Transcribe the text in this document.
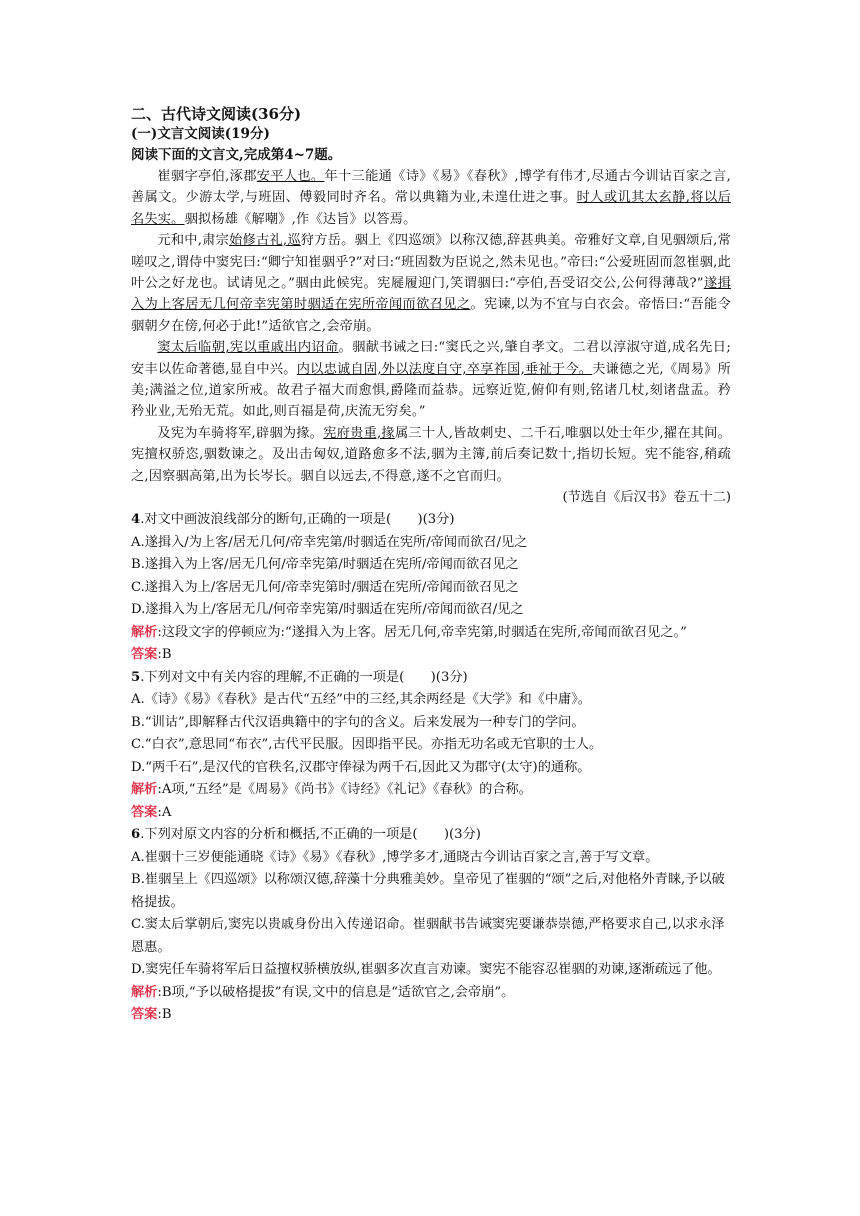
二、古代诗文阅读(36分)
(一)文言文阅读(19分)
阅读下面的文言文,完成第4~7题。
崔骃字亭伯,涿郡安平人也。年十三能通《诗》《易》《春秋》,博学有伟才,尽通古今训诂百家之言,善属文。少游太学,与班固、傅毅同时齐名。常以典籍为业,未遑仕进之事。时人或讥其太玄静,将以后名失实。骃拟杨雄《解嘲》,作《达旨》以答焉。
元和中,肃宗始修古礼,巡狩方岳。骃上《四巡颂》以称汉德,辞甚典美。帝雅好文章,自见骃颂后,常嗟叹之,谓侍中窦宪曰:“卿宁知崔骃乎?”对曰:“班固数为臣说之,然未见也。”帝曰:“公爱班固而忽崔骃,此叶公之好龙也。试请见之。”骃由此候宪。宪屣履迎门,笑谓骃曰:“亭伯,吾受诏交公,公何得薄哉?”遂揖入为上客居无几何帝幸宪第时骃适在宪所帝闻而欲召见之。宪谏,以为不宜与白衣会。帝悟曰:“吾能令骃朝夕在傍,何必于此!”适欲官之,会帝崩。
窦太后临朝,宪以重戚出内诏命。骃献书诫之曰:“窦氏之兴,肇自孝文。二君以淳淑守道,成名先日;安丰以佐命著德,显自中兴。内以忠诚自固,外以法度自守,卒享祚国,垂祉于今。夫谦德之光,《周易》所美;满溢之位,道家所戒。故君子福大而愈惧,爵隆而益恭。远察近览,俯仰有则,铭诸几杖,刻诸盘盂。矜矜业业,无殆无荒。如此,则百福是荷,庆流无穷矣。”
及宪为车骑将军,辟骃为掾。宪府贵重,掾属三十人,皆故刺史、二千石,唯骃以处士年少,擢在其间。宪擅权骄恣,骃数谏之。及出击匈奴,道路愈多不法,骃为主簿,前后奏记数十,指切长短。宪不能容,稍疏之,因察骃高第,出为长岑长。骃自以远去,不得意,遂不之官而归。
(节选自《后汉书》卷五十二)
4.对文中画波浪线部分的断句,正确的一项是(　　)(3分)
A.遂揖入/为上客/居无几何/帝幸宪第/时骃适在宪所/帝闻而欲召/见之
B.遂揖入为上客/居无几何/帝幸宪第/时骃适在宪所/帝闻而欲召见之
C.遂揖入为上/客居无几何/帝幸宪第时/骃适在宪所/帝闻而欲召见之
D.遂揖入为上/客居无几/何帝幸宪第/时骃适在宪所/帝闻而欲召/见之
解析:这段文字的停顿应为:“遂揖入为上客。居无几何,帝幸宪第,时骃适在宪所,帝闻而欲召见之。”
答案:B
5.下列对文中有关内容的理解,不正确的一项是(　　)(3分)
A.《诗》《易》《春秋》是古代“五经”中的三经,其余两经是《大学》和《中庸》。
B.“训诂”,即解释古代汉语典籍中的字句的含义。后来发展为一种专门的学问。
C.“白衣”,意思同“布衣”,古代平民服。因即指平民。亦指无功名或无官职的士人。
D.“两千石”,是汉代的官秩名,汉郡守俸禄为两千石,因此又为郡守(太守)的通称。
解析:A项,“五经”是《周易》《尚书》《诗经》《礼记》《春秋》的合称。
答案:A
6.下列对原文内容的分析和概括,不正确的一项是(　　)(3分)
A.崔骃十三岁便能通晓《诗》《易》《春秋》,博学多才,通晓古今训诂百家之言,善于写文章。
B.崔骃呈上《四巡颂》以称颂汉德,辞藻十分典雅美妙。皇帝见了崔骃的“颂”之后,对他格外青睐,予以破格提拔。
C.窦太后掌朝后,窦宪以贵戚身份出入传递诏命。崔骃献书告诫窦宪要谦恭崇德,严格要求自己,以求永泽恩惠。
D.窦宪任车骑将军后日益擅权骄横放纵,崔骃多次直言劝谏。窦宪不能容忍崔骃的劝谏,逐渐疏远了他。
解析:B项,“予以破格提拔”有误,文中的信息是“适欲官之,会帝崩”。
答案:B
